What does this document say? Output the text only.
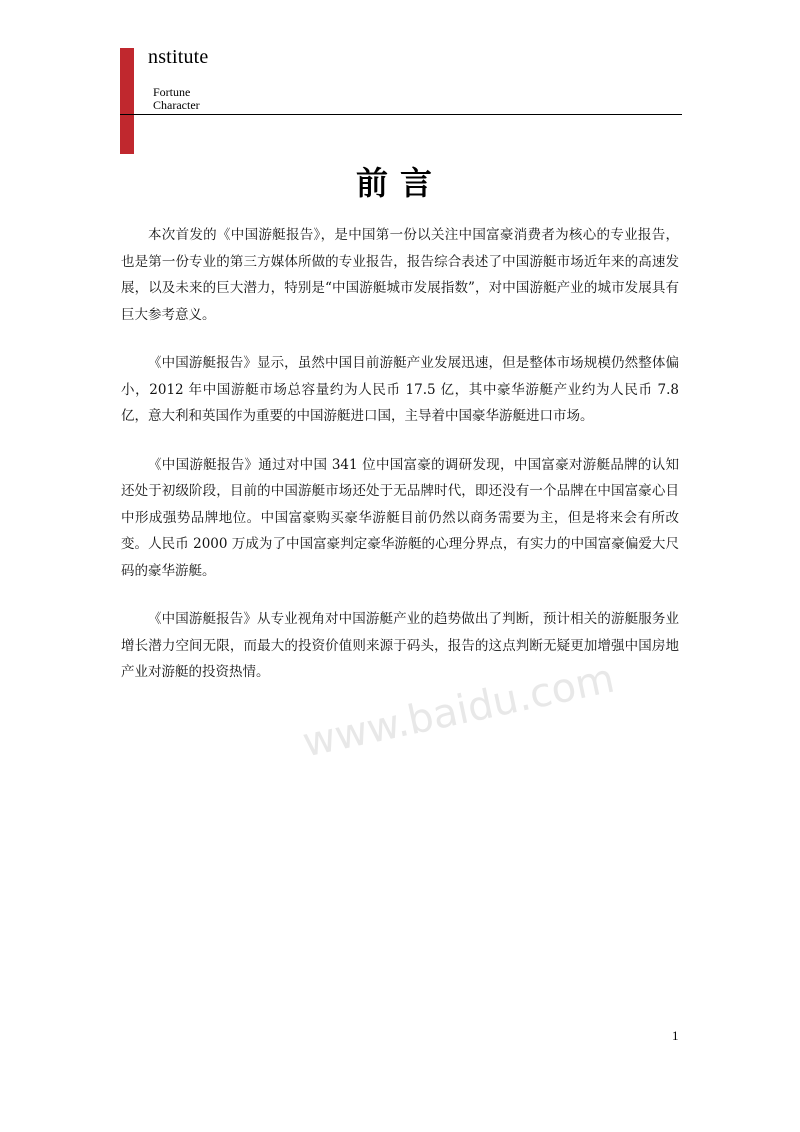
nstitute
Fortune
Character
前言

本次首发的《中国游艇报告》，是中国第一份以关注中国富豪消费者为核心的专业报告，也是第一份专业的第三方媒体所做的专业报告，报告综合表述了中国游艇市场近年来的高速发展，以及未来的巨大潜力，特别是“中国游艇城市发展指数”，对中国游艇产业的城市发展具有巨大参考意义。

《中国游艇报告》显示，虽然中国目前游艇产业发展迅速，但是整体市场规模仍然整体偏小，2012 年中国游艇市场总容量约为人民币 17.5 亿，其中豪华游艇产业约为人民币 7.8 亿，意大利和英国作为重要的中国游艇进口国，主导着中国豪华游艇进口市场。

《中国游艇报告》通过对中国 341 位中国富豪的调研发现，中国富豪对游艇品牌的认知还处于初级阶段，目前的中国游艇市场还处于无品牌时代，即还没有一个品牌在中国富豪心目中形成强势品牌地位。中国富豪购买豪华游艇目前仍然以商务需要为主，但是将来会有所改变。人民币 2000 万成为了中国富豪判定豪华游艇的心理分界点，有实力的中国富豪偏爱大尺码的豪华游艇。

《中国游艇报告》从专业视角对中国游艇产业的趋势做出了判断，预计相关的游艇服务业增长潜力空间无限，而最大的投资价值则来源于码头，报告的这点判断无疑更加增强中国房地产业对游艇的投资热情。 www.baidu.com
1
